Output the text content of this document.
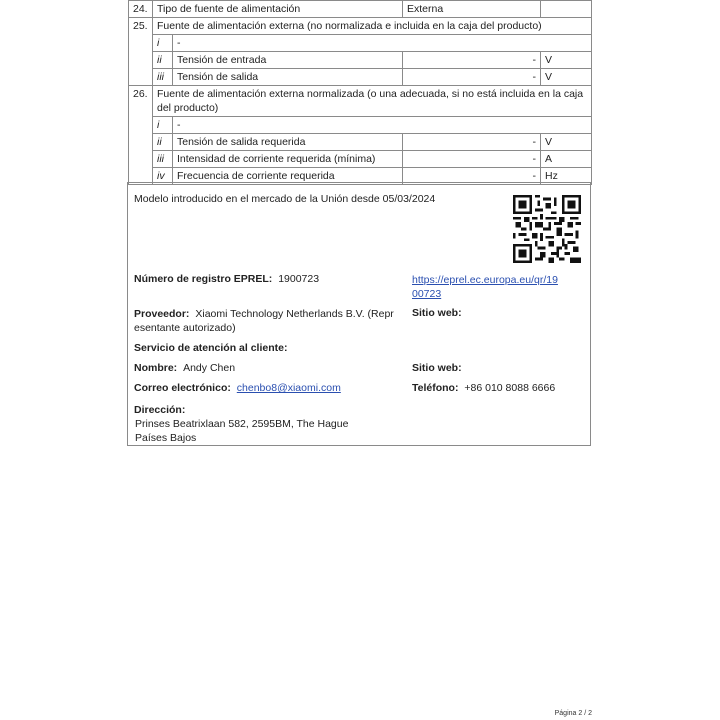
24.	Tipo de fuente de alimentación		Externa	
25.	Fuente de alimentación externa (no normalizada e incluida en la caja del producto)			
	i	-		
	ii	Tensión de entrada	-	V
	iii	Tensión de salida	-	V
26.	Fuente de alimentación externa normalizada (o una adecuada, si no está incluida en la caja del producto)			
	i	-		
	ii	Tensión de salida requerida	-	V
	iii	Intensidad de corriente requerida (mínima)	-	A
	iv	Frecuencia de corriente requerida	-	Hz
Modelo introducido en el mercado de la Unión desde 05/03/2024
Número de registro EPREL: 1900723	https://eprel.ec.europa.eu/qr/19
00723
Proveedor: Xiaomi Technology Netherlands B.V. (Repr
esentante autorizado)
Sitio web:
Servicio de atención al cliente:
Nombre: Andy Chen	Sitio web:
Correo electrónico: chenbo8@xiaomi.com	Teléfono: +86 010 8088 6666
Dirección:
Prinses Beatrixlaan 582, 2595BM, The Hague
Países Bajos
Página 2 / 2
